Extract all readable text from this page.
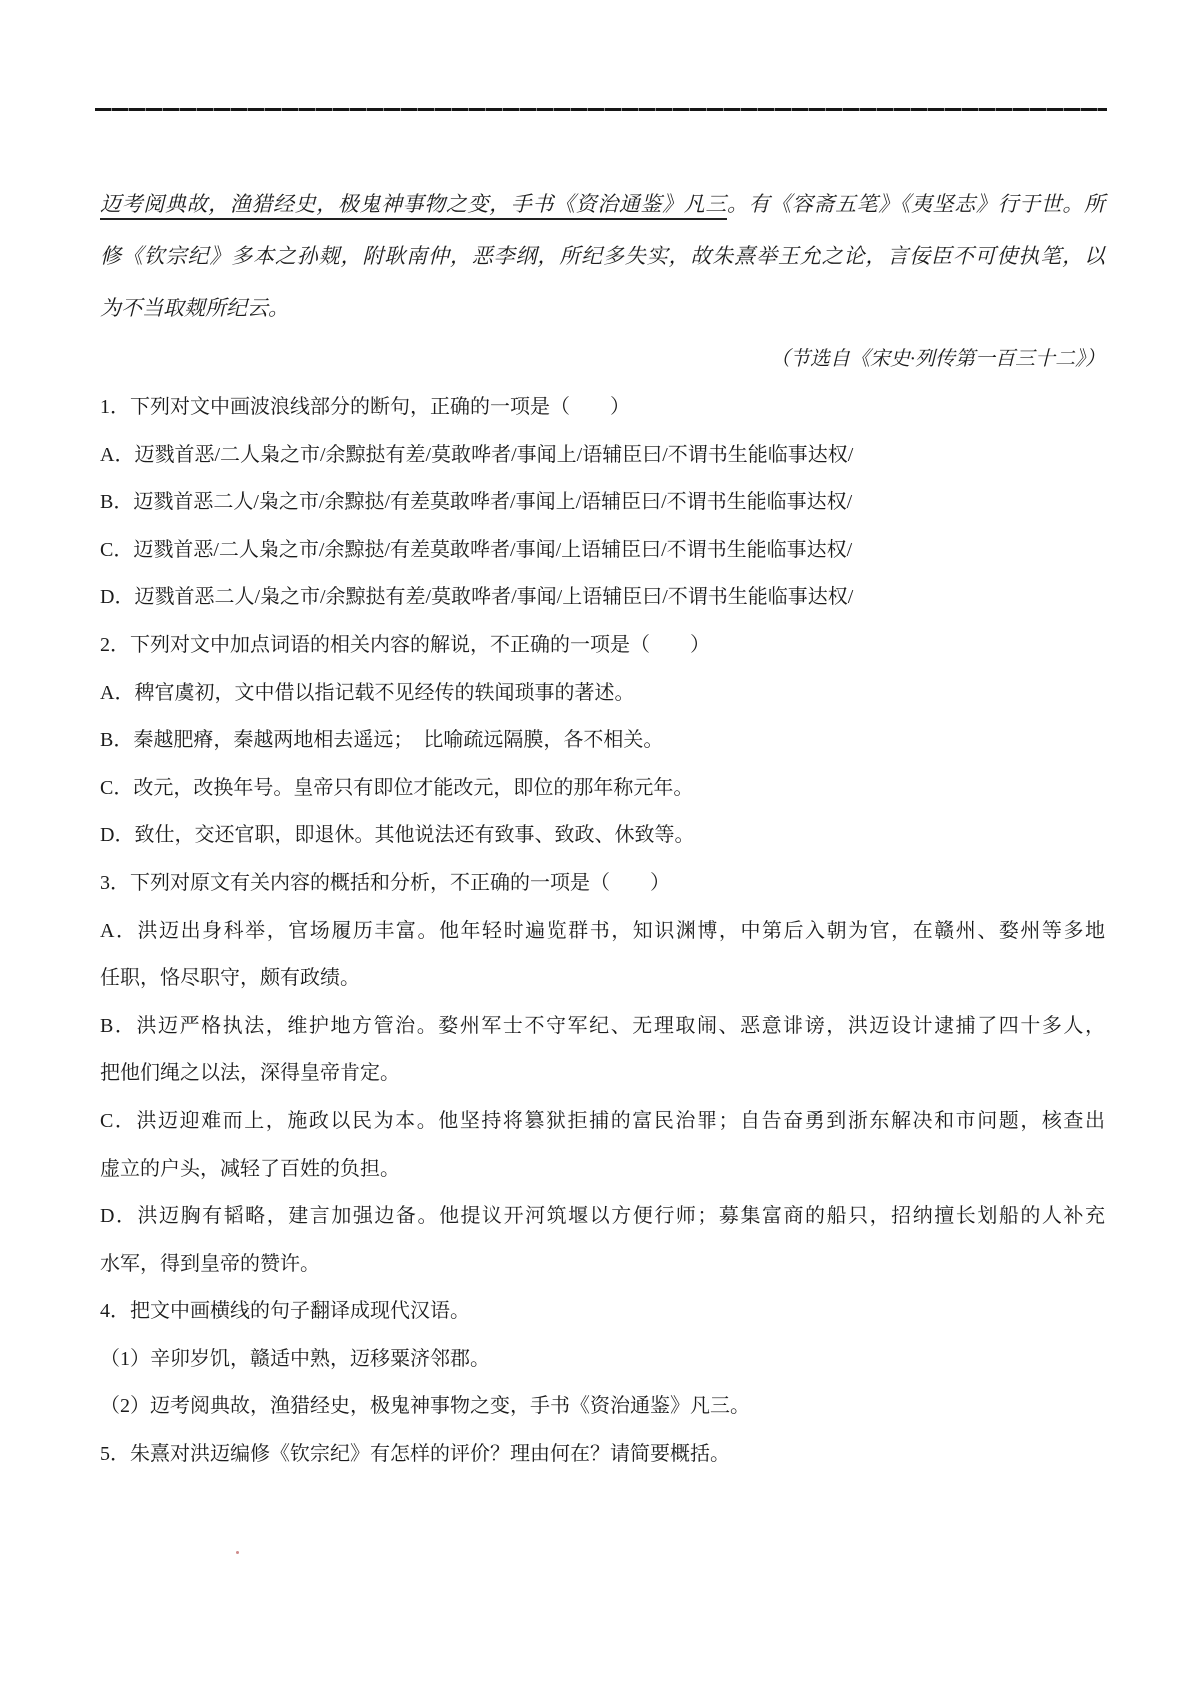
迈考阅典故，渔猎经史，极鬼神事物之变，手书《资治通鉴》凡三。有《容斋五笔》《夷坚志》行于世。所
修《钦宗纪》多本之孙觌，附耿南仲，恶李纲，所纪多失实，故朱熹举王允之论，言佞臣不可使执笔，以
为不当取觌所纪云。
（节选自《宋史·列传第一百三十二》）
1．下列对文中画波浪线部分的断句，正确的一项是（　　）
A．迈戮首恶/二人枭之市/余黥挞有差/莫敢哗者/事闻上/语辅臣曰/不谓书生能临事达权/
B．迈戮首恶二人/枭之市/余黥挞/有差莫敢哗者/事闻上/语辅臣曰/不谓书生能临事达权/
C．迈戮首恶/二人枭之市/余黥挞/有差莫敢哗者/事闻/上语辅臣曰/不谓书生能临事达权/
D．迈戮首恶二人/枭之市/余黥挞有差/莫敢哗者/事闻/上语辅臣曰/不谓书生能临事达权/
2．下列对文中加点词语的相关内容的解说，不正确的一项是（　　）
A．稗官虞初，文中借以指记载不见经传的轶闻琐事的著述。
B．秦越肥瘠，秦越两地相去遥远；　比喻疏远隔膜，各不相关。
C．改元，改换年号。皇帝只有即位才能改元，即位的那年称元年。
D．致仕，交还官职，即退休。其他说法还有致事、致政、休致等。
3．下列对原文有关内容的概括和分析，不正确的一项是（　　）
A．洪迈出身科举，官场履历丰富。他年轻时遍览群书，知识渊博，中第后入朝为官，在赣州、婺州等多地
任职，恪尽职守，颇有政绩。
B．洪迈严格执法，维护地方管治。婺州军士不守军纪、无理取闹、恶意诽谤，洪迈设计逮捕了四十多人，
把他们绳之以法，深得皇帝肯定。
C．洪迈迎难而上，施政以民为本。他坚持将篡狱拒捕的富民治罪；自告奋勇到浙东解决和市问题，核查出
虚立的户头，减轻了百姓的负担。
D．洪迈胸有韬略，建言加强边备。他提议开河筑堰以方便行师；募集富商的船只，招纳擅长划船的人补充
水军，得到皇帝的赞许。
4．把文中画横线的句子翻译成现代汉语。
（1）辛卯岁饥，赣适中熟，迈移粟济邻郡。
（2）迈考阅典故，渔猎经史，极鬼神事物之变，手书《资治通鉴》凡三。
5．朱熹对洪迈编修《钦宗纪》有怎样的评价？理由何在？请简要概括。
